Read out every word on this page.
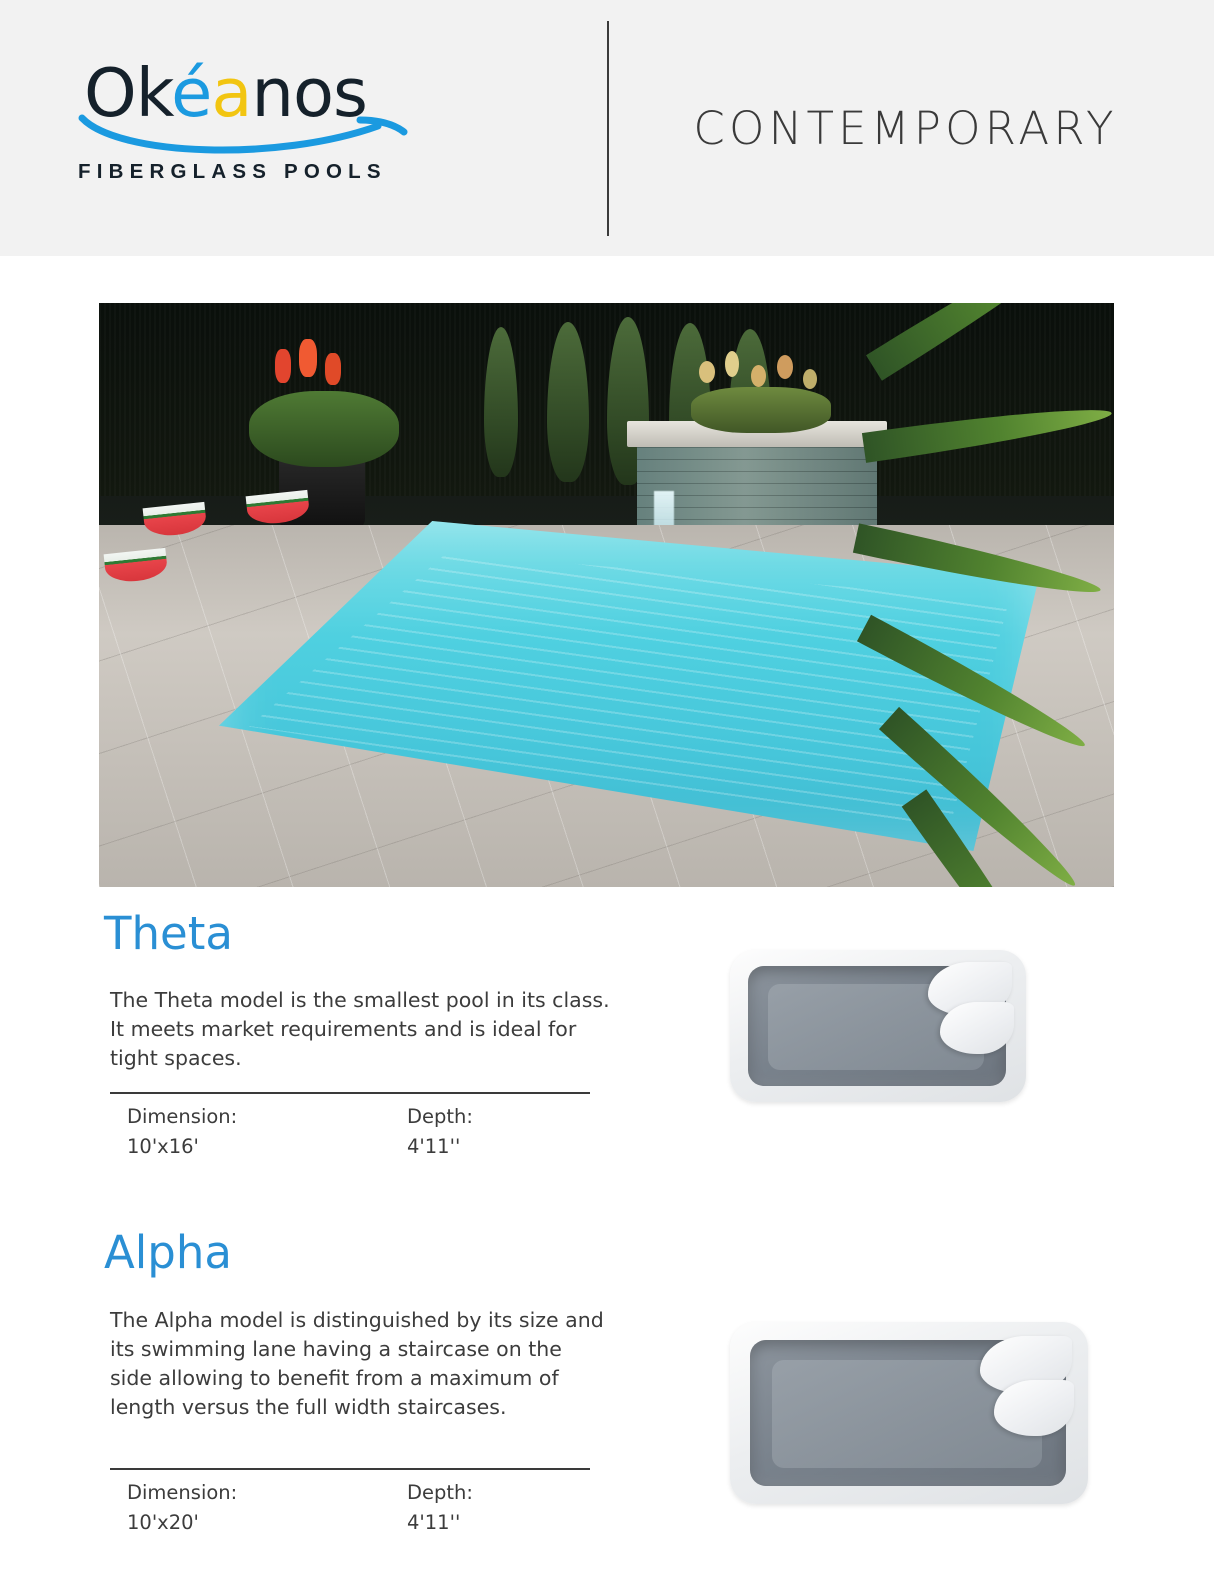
Okéanos
FIBERGLASS POOLS
CONTEMPORARY
Theta
The Theta model is the smallest pool in its class. It meets market requirements and is ideal for tight spaces.
Dimension:
10'x16'
Depth:
4'11''
Alpha
The Alpha model is distinguished by its size and its swimming lane having a staircase on the side allowing to benefit from a maximum of length versus the full width staircases.
Dimension:
10'x20'
Depth:
4'11''
